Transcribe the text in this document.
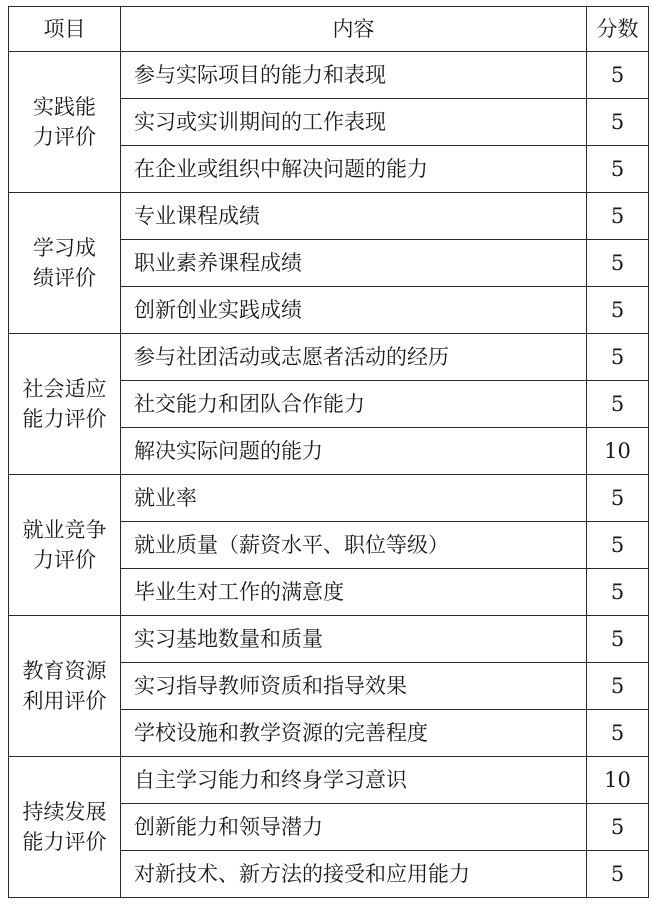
项目	内容	分数

实践能
力评价	参与实际项目的能力和表现	5
	实习或实训期间的工作表现	5
	在企业或组织中解决问题的能力	5

学习成
绩评价	专业课程成绩	5
	职业素养课程成绩	5
	创新创业实践成绩	5

社会适应
能力评价	参与社团活动或志愿者活动的经历	5
	社交能力和团队合作能力	5
	解决实际问题的能力	10

就业竞争
力评价	就业率	5
	就业质量（薪资水平、职位等级）	5
	毕业生对工作的满意度	5

教育资源
利用评价	实习基地数量和质量	5
	实习指导教师资质和指导效果	5
	学校设施和教学资源的完善程度	5

持续发展
能力评价	自主学习能力和终身学习意识	10
	创新能力和领导潜力	5
	对新技术、新方法的接受和应用能力	5
